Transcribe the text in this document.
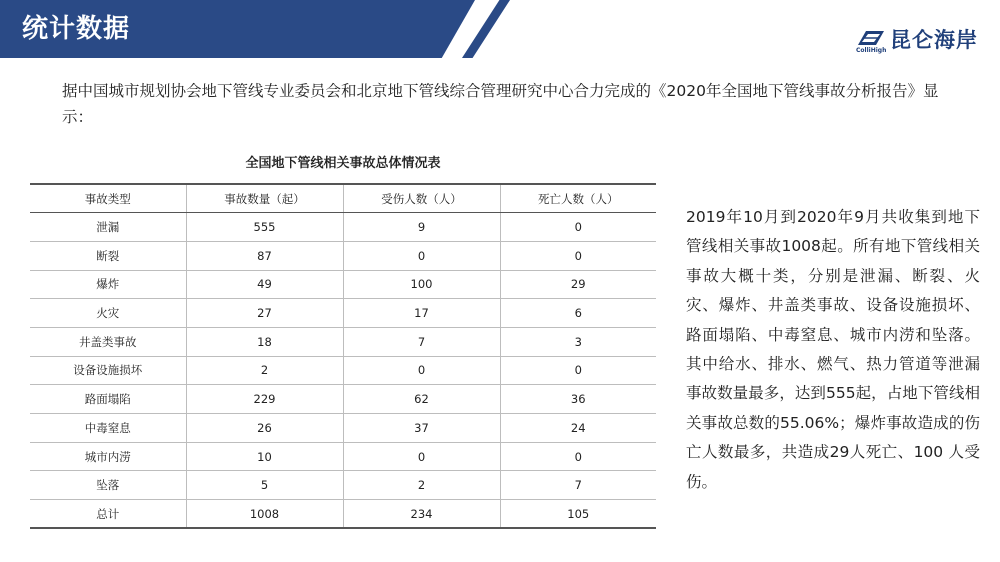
统计数据
ColliHigh 昆仑海岸

据中国城市规划协会地下管线专业委员会和北京地下管线综合管理研究中心合力完成的《2020年全国地下管线事故分析报告》显示：

全国地下管线相关事故总体情况表
事故类型	事故数量（起）	受伤人数（人）	死亡人数（人）
泄漏	555	9	0
断裂	87	0	0
爆炸	49	100	29
火灾	27	17	6
井盖类事故	18	7	3
设备设施损坏	2	0	0
路面塌陷	229	62	36
中毒窒息	26	37	24
城市内涝	10	0	0
坠落	5	2	7
总计	1008	234	105

2019年10月到2020年9月共收集到地下管线相关事故1008起。所有地下管线相关事故大概十类，分别是泄漏、断裂、火灾、爆炸、井盖类事故、设备设施损坏、路面塌陷、中毒窒息、城市内涝和坠落。其中给水、排水、燃气、热力管道等泄漏事故数量最多，达到555起，占地下管线相关事故总数的55.06%；爆炸事故造成的伤亡人数最多，共造成29人死亡、100 人受伤。
